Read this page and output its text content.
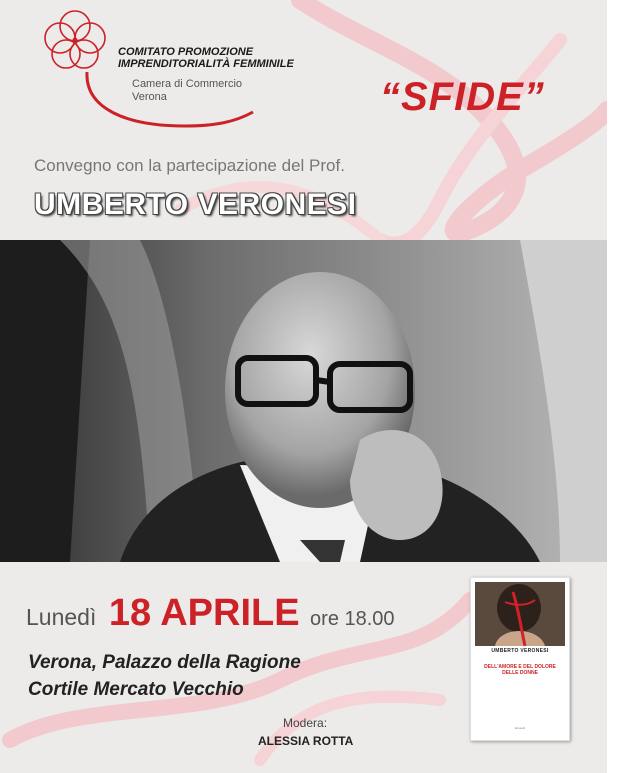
COMITATO PROMOZIONE
IMPRENDITORIALITÀ FEMMINILE
Camera di Commercio
Verona	“SFIDE”
Convegno con la partecipazione del Prof.
UMBERTO VERONESI
Lunedì 18 APRILE ore 18.00
Verona, Palazzo della Ragione
Cortile Mercato Vecchio
Modera:
ALESSIA ROTTA
UMBERTO VERONESI
DELL'AMORE E DEL DOLORE DELLE DONNE
Einaudi
